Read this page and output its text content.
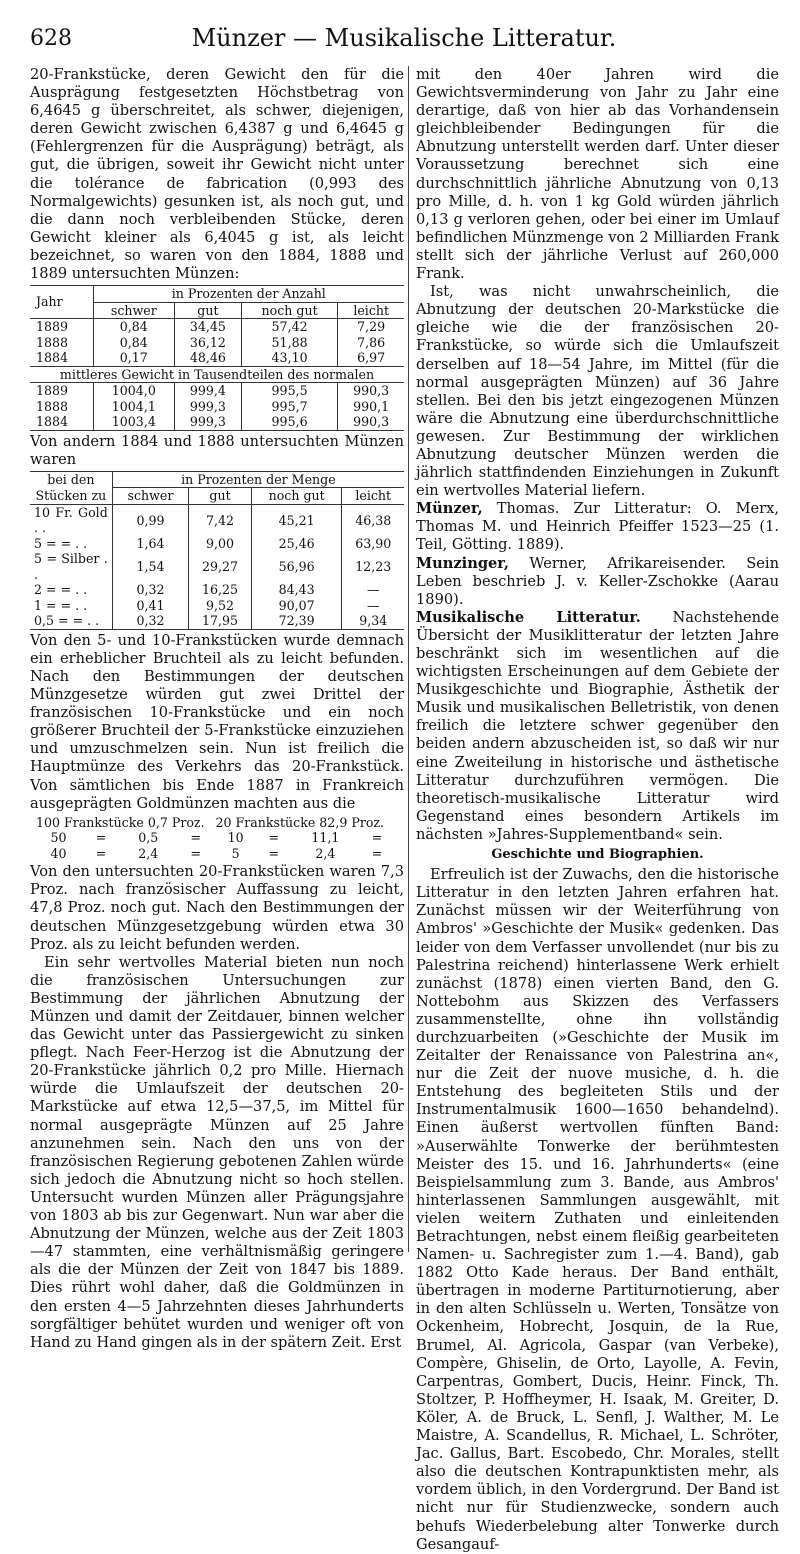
628	Münzer — Musikalische Litteratur.

20-Frankstücke, deren Gewicht den für die Ausprägung festgesetzten Höchstbetrag von 6,4645 g überschreitet, als schwer, diejenigen, deren Gewicht zwischen 6,4387 g und 6,4645 g (Fehlergrenzen für die Ausprägung) beträgt, als gut, die übrigen, soweit ihr Gewicht nicht unter die tolérance de fabrication (0,993 des Normalgewichts) gesunken ist, als noch gut, und die dann noch verbleibenden Stücke, deren Gewicht kleiner als 6,4045 g ist, als leicht bezeichnet, so waren von den 1884, 1888 und 1889 untersuchten Münzen:

Jahr	in Prozenten der Anzahl			
	schwer	gut	noch gut	leicht
1889	0,84	34,45	57,42	7,29
1888	0,84	36,12	51,88	7,86
1884	0,17	48,46	43,10	6,97
mittleres Gewicht in Tausendteilen des normalen				
1889	1004,0	999,4	995,5	990,3
1888	1004,1	999,3	995,7	990,1
1884	1003,4	999,3	995,6	990,3

Von andern 1884 und 1888 untersuchten Münzen waren

bei den Stücken zu	in Prozenten der Menge			
	schwer	gut	noch gut	leicht
10 Fr. Gold . .	0,99	7,42	45,21	46,38
5 = = . .	1,64	9,00	25,46	63,90
5 = Silber . .	1,54	29,27	56,96	12,23
2 = = . .	0,32	16,25	84,43	—
1 = = . .	0,41	9,52	90,07	—
0,5 = = . .	0,32	17,95	72,39	9,34

Von den 5- und 10-Frankstücken wurde demnach ein erheblicher Bruchteil als zu leicht befunden. Nach den Bestimmungen der deutschen Münzgesetze würden gut zwei Drittel der französischen 10-Frankstücke und ein noch größerer Bruchteil der 5-Frankstücke einzuziehen und umzuschmelzen sein. Nun ist freilich die Hauptmünze des Verkehrs das 20-Frankstück. Von sämtlichen bis Ende 1887 in Frankreich ausgeprägten Goldmünzen machten aus die

100 Frankstücke 0,7 Proz.				20 Frankstücke 82,9 Proz.			
50	=	0,5	=	10	=	11,1	=
40	=	2,4	=	5	=	2,4	=

Von den untersuchten 20-Frankstücken waren 7,3 Proz. nach französischer Auffassung zu leicht, 47,8 Proz. noch gut. Nach den Bestimmungen der deutschen Münzgesetzgebung würden etwa 30 Proz. als zu leicht befunden werden.

Ein sehr wertvolles Material bieten nun noch die französischen Untersuchungen zur Bestimmung der jährlichen Abnutzung der Münzen und damit der Zeitdauer, binnen welcher das Gewicht unter das Passiergewicht zu sinken pflegt. Nach Feer-Herzog ist die Abnutzung der 20-Frankstücke jährlich 0,2 pro Mille. Hiernach würde die Umlaufszeit der deutschen 20-Markstücke auf etwa 12,5—37,5, im Mittel für normal ausgeprägte Münzen auf 25 Jahre anzunehmen sein. Nach den uns von der französischen Regierung gebotenen Zahlen würde sich jedoch die Abnutzung nicht so hoch stellen. Untersucht wurden Münzen aller Prägungsjahre von 1803 ab bis zur Gegenwart. Nun war aber die Abnutzung der Münzen, welche aus der Zeit 1803—47 stammten, eine verhältnismäßig geringere als die der Münzen der Zeit von 1847 bis 1889. Dies rührt wohl daher, daß die Goldmünzen in den ersten 4—5 Jahrzehnten dieses Jahrhunderts sorgfältiger behütet wurden und weniger oft von Hand zu Hand gingen als in der spätern Zeit. Erst

mit den 40er Jahren wird die Gewichtsverminderung von Jahr zu Jahr eine derartige, daß von hier ab das Vorhandensein gleichbleibender Bedingungen für die Abnutzung unterstellt werden darf. Unter dieser Voraussetzung berechnet sich eine durchschnittlich jährliche Abnutzung von 0,13 pro Mille, d. h. von 1 kg Gold würden jährlich 0,13 g verloren gehen, oder bei einer im Umlauf befindlichen Münzmenge von 2 Milliarden Frank stellt sich der jährliche Verlust auf 260,000 Frank.

Ist, was nicht unwahrscheinlich, die Abnutzung der deutschen 20-Markstücke die gleiche wie die der französischen 20-Frankstücke, so würde sich die Umlaufszeit derselben auf 18—54 Jahre, im Mittel (für die normal ausgeprägten Münzen) auf 36 Jahre stellen. Bei den bis jetzt eingezogenen Münzen wäre die Abnutzung eine überdurchschnittliche gewesen. Zur Bestimmung der wirklichen Abnutzung deutscher Münzen werden die jährlich stattfindenden Einziehungen in Zukunft ein wertvolles Material liefern.

Münzer, Thomas. Zur Litteratur: O. Merx, Thomas M. und Heinrich Pfeiffer 1523—25 (1. Teil, Götting. 1889).

Munzinger, Werner, Afrikareisender. Sein Leben beschrieb J. v. Keller-Zschokke (Aarau 1890).

Musikalische Litteratur. Nachstehende Übersicht der Musiklitteratur der letzten Jahre beschränkt sich im wesentlichen auf die wichtigsten Erscheinungen auf dem Gebiete der Musikgeschichte und Biographie, Ästhetik der Musik und musikalischen Belletristik, von denen freilich die letztere schwer gegenüber den beiden andern abzuscheiden ist, so daß wir nur eine Zweiteilung in historische und ästhetische Litteratur durchzuführen vermögen. Die theoretisch-musikalische Litteratur wird Gegenstand eines besondern Artikels im nächsten »Jahres-Supplementband« sein.

Geschichte und Biographien.

Erfreulich ist der Zuwachs, den die historische Litteratur in den letzten Jahren erfahren hat. Zunächst müssen wir der Weiterführung von Ambros' »Geschichte der Musik« gedenken. Das leider von dem Verfasser unvollendet (nur bis zu Palestrina reichend) hinterlassene Werk erhielt zunächst (1878) einen vierten Band, den G. Nottebohm aus Skizzen des Verfassers zusammenstellte, ohne ihn vollständig durchzuarbeiten (»Geschichte der Musik im Zeitalter der Renaissance von Palestrina an«, nur die Zeit der nuove musiche, d. h. die Entstehung des begleiteten Stils und der Instrumentalmusik 1600—1650 behandelnd). Einen äußerst wertvollen fünften Band: »Auserwählte Tonwerke der berühmtesten Meister des 15. und 16. Jahrhunderts« (eine Beispielsammlung zum 3. Bande, aus Ambros' hinterlassenen Sammlungen ausgewählt, mit vielen weitern Zuthaten und einleitenden Betrachtungen, nebst einem fleißig gearbeiteten Namen- u. Sachregister zum 1.—4. Band), gab 1882 Otto Kade heraus. Der Band enthält, übertragen in moderne Partiturnotierung, aber in den alten Schlüsseln u. Werten, Tonsätze von Ockenheim, Hobrecht, Josquin, de la Rue, Brumel, Al. Agricola, Gaspar (van Verbeke), Compère, Ghiselin, de Orto, Layolle, A. Fevin, Carpentras, Gombert, Ducis, Heinr. Finck, Th. Stoltzer, P. Hoffheymer, H. Isaak, M. Greiter, D. Köler, A. de Bruck, L. Senfl, J. Walther, M. Le Maistre, A. Scandellus, R. Michael, L. Schröter, Jac. Gallus, Bart. Escobedo, Chr. Morales, stellt also die deutschen Kontrapunktisten mehr, als vordem üblich, in den Vordergrund. Der Band ist nicht nur für Studienzwecke, sondern auch behufs Wiederbelebung alter Tonwerke durch Gesangauf-
